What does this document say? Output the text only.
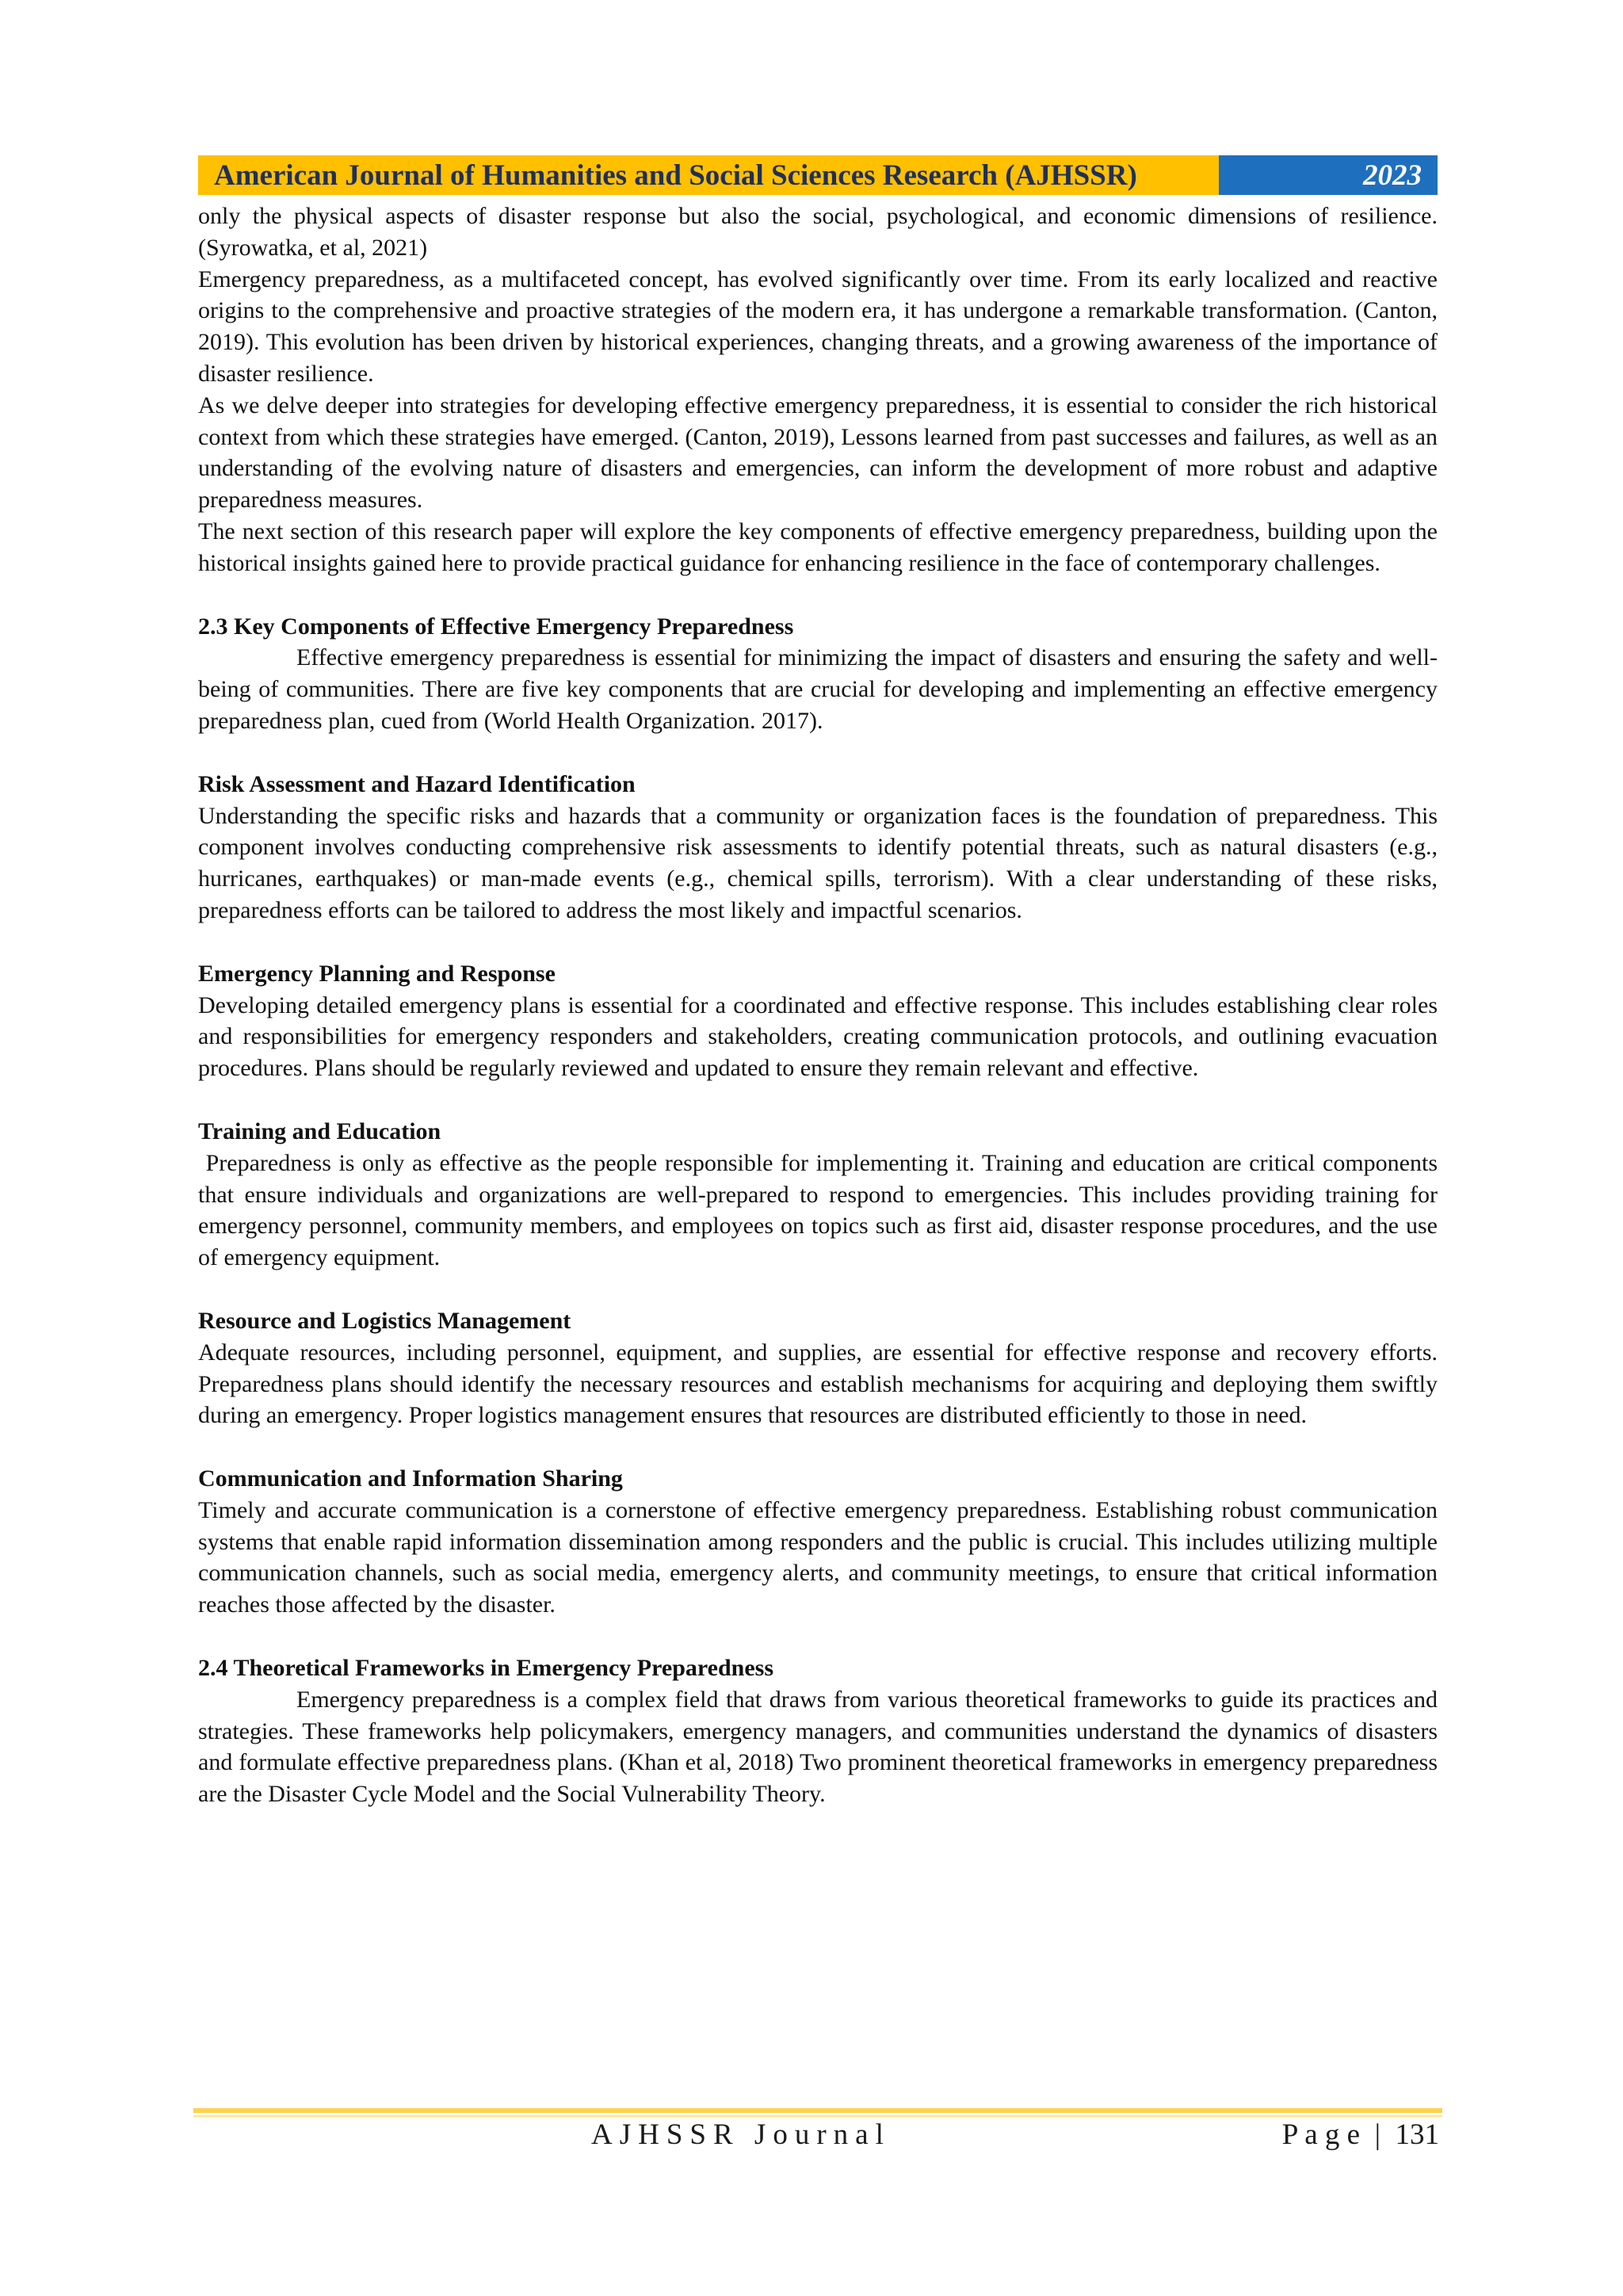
American Journal of Humanities and Social Sciences Research (AJHSSR)	2023

only the physical aspects of disaster response but also the social, psychological, and economic dimensions of resilience. (Syrowatka, et al, 2021)

Emergency preparedness, as a multifaceted concept, has evolved significantly over time. From its early localized and reactive origins to the comprehensive and proactive strategies of the modern era, it has undergone a remarkable transformation. (Canton, 2019). This evolution has been driven by historical experiences, changing threats, and a growing awareness of the importance of disaster resilience.

As we delve deeper into strategies for developing effective emergency preparedness, it is essential to consider the rich historical context from which these strategies have emerged. (Canton, 2019), Lessons learned from past successes and failures, as well as an understanding of the evolving nature of disasters and emergencies, can inform the development of more robust and adaptive preparedness measures.

The next section of this research paper will explore the key components of effective emergency preparedness, building upon the historical insights gained here to provide practical guidance for enhancing resilience in the face of contemporary challenges.

2.3 Key Components of Effective Emergency Preparedness

Effective emergency preparedness is essential for minimizing the impact of disasters and ensuring the safety and well-being of communities. There are five key components that are crucial for developing and implementing an effective emergency preparedness plan, cued from (World Health Organization. 2017).

Risk Assessment and Hazard Identification

Understanding the specific risks and hazards that a community or organization faces is the foundation of preparedness. This component involves conducting comprehensive risk assessments to identify potential threats, such as natural disasters (e.g., hurricanes, earthquakes) or man-made events (e.g., chemical spills, terrorism). With a clear understanding of these risks, preparedness efforts can be tailored to address the most likely and impactful scenarios.

Emergency Planning and Response

Developing detailed emergency plans is essential for a coordinated and effective response. This includes establishing clear roles and responsibilities for emergency responders and stakeholders, creating communication protocols, and outlining evacuation procedures. Plans should be regularly reviewed and updated to ensure they remain relevant and effective.

Training and Education

Preparedness is only as effective as the people responsible for implementing it. Training and education are critical components that ensure individuals and organizations are well-prepared to respond to emergencies. This includes providing training for emergency personnel, community members, and employees on topics such as first aid, disaster response procedures, and the use of emergency equipment.

Resource and Logistics Management

Adequate resources, including personnel, equipment, and supplies, are essential for effective response and recovery efforts. Preparedness plans should identify the necessary resources and establish mechanisms for acquiring and deploying them swiftly during an emergency. Proper logistics management ensures that resources are distributed efficiently to those in need.

Communication and Information Sharing

Timely and accurate communication is a cornerstone of effective emergency preparedness. Establishing robust communication systems that enable rapid information dissemination among responders and the public is crucial. This includes utilizing multiple communication channels, such as social media, emergency alerts, and community meetings, to ensure that critical information reaches those affected by the disaster.

2.4 Theoretical Frameworks in Emergency Preparedness

Emergency preparedness is a complex field that draws from various theoretical frameworks to guide its practices and strategies. These frameworks help policymakers, emergency managers, and communities understand the dynamics of disasters and formulate effective preparedness plans. (Khan et al, 2018) Two prominent theoretical frameworks in emergency preparedness are the Disaster Cycle Model and the Social Vulnerability Theory.

AJHSSR Journal	P a g e  |  131
